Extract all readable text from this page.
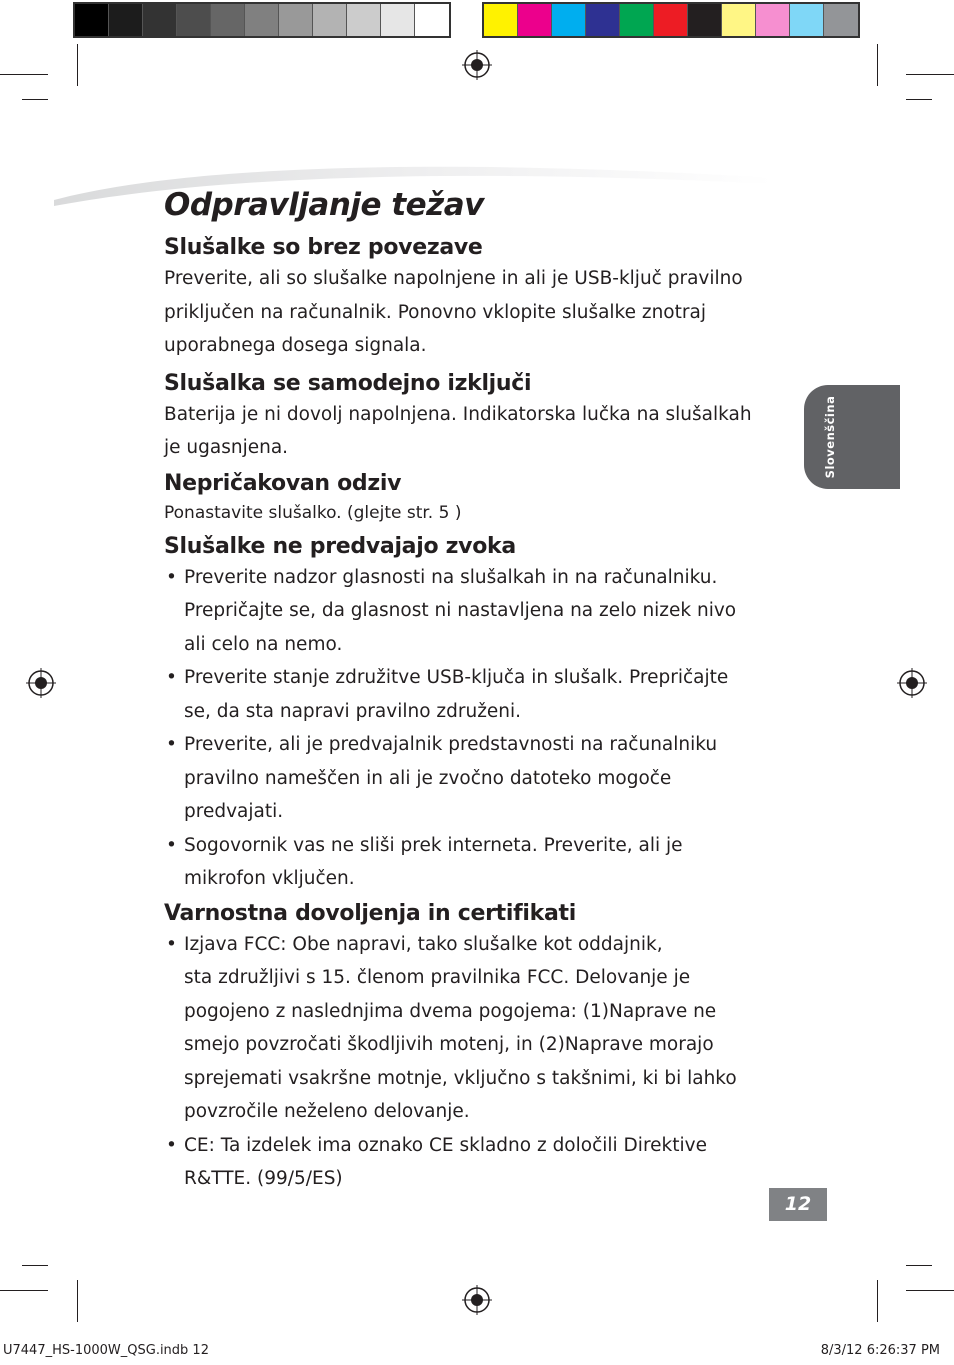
Odpravljanje težav

Slušalke so brez povezave

Preverite, ali so slušalke napolnjene in ali je USB-ključ pravilno
priključen na računalnik. Ponovno vklopite slušalke znotraj
uporabnega dosega signala.

Slušalka se samodejno izključi

Baterija je ni dovolj napolnjena. Indikatorska lučka na slušalkah
je ugasnjena.

Nepričakovan odziv

Ponastavite slušalko. (glejte str. 5 )

Slušalke ne predvajajo zvoka

• Preverite nadzor glasnosti na slušalkah in na računalniku.
Prepričajte se, da glasnost ni nastavljena na zelo nizek nivo
ali celo na nemo.
• Preverite stanje združitve USB-ključa in slušalk. Prepričajte
se, da sta napravi pravilno združeni.
• Preverite, ali je predvajalnik predstavnosti na računalniku
pravilno nameščen in ali je zvočno datoteko mogoče
predvajati.
• Sogovornik vas ne sliši prek interneta. Preverite, ali je
mikrofon vključen.

Varnostna dovoljenja in certifikati

• Izjava FCC: Obe napravi, tako slušalke kot oddajnik,
sta združljivi s 15. členom pravilnika FCC. Delovanje je
pogojeno z naslednjima dvema pogojema: (1)Naprave ne
smejo povzročati škodljivih motenj, in (2)Naprave morajo
sprejemati vsakršne motnje, vključno s takšnimi, ki bi lahko
povzročile neželeno delovanje.
• CE: Ta izdelek ima oznako CE skladno z določili Direktive
R&TTE. (99/5/ES)
Slovenščina
12
U7447_HS-1000W_QSG.indb 12	8/3/12 6:26:37 PM
